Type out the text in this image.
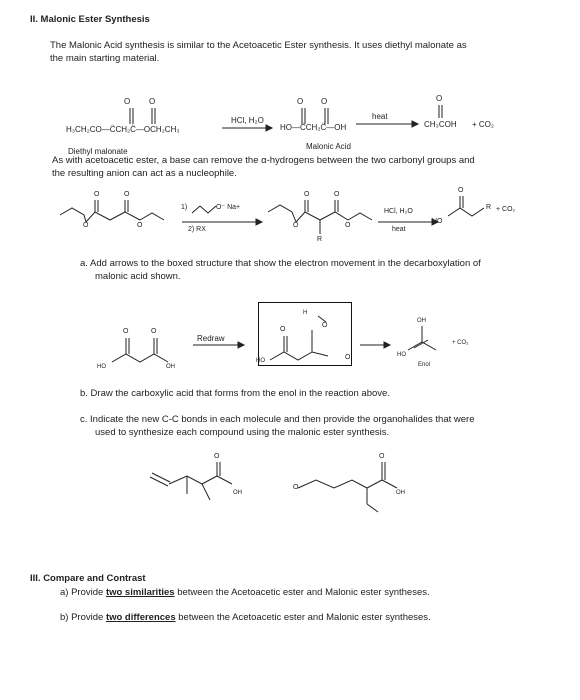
II. Malonic Ester Synthesis
The Malonic Acid synthesis is similar to the Acetoacetic Ester synthesis. It uses diethyl malonate as
the main starting material.
O O	O O	O
H₃CH₂CO—C̈CH₂C̈—OCH₂CH₃
HCl, H₂O
HO—C̈CH₂C̈—OH
heat
CH₃COH + CO₂
Diethyl malonate
Malonic Acid
As with acetoacetic ester, a base can remove the α-hydrogens between the two carbonyl groups and
the resulting anion can act as a nucleophile.
O	O
O	O
1)	O⁻ Na+
2) RX
O	O
O	O
R
HCl, H₂O
heat
O
HO
R + CO₂
a. Add arrows to the boxed structure that show the electron movement in the decarboxylation of
malonic acid shown.
O	O
HO	OH
Redraw
H
O
O
HO	O
OH
HO
Enol
+ CO₂
b. Draw the carboxylic acid that forms from the enol in the reaction above.
c. Indicate the new C-C bonds in each molecule and then provide the organohalides that were
used to synthesize each compound using the malonic ester synthesis.
O
OH
O
O
OH
III. Compare and Contrast
a) Provide two similarities between the Acetoacetic ester and Malonic ester syntheses.
b) Provide two differences between the Acetoacetic ester and Malonic ester syntheses.
